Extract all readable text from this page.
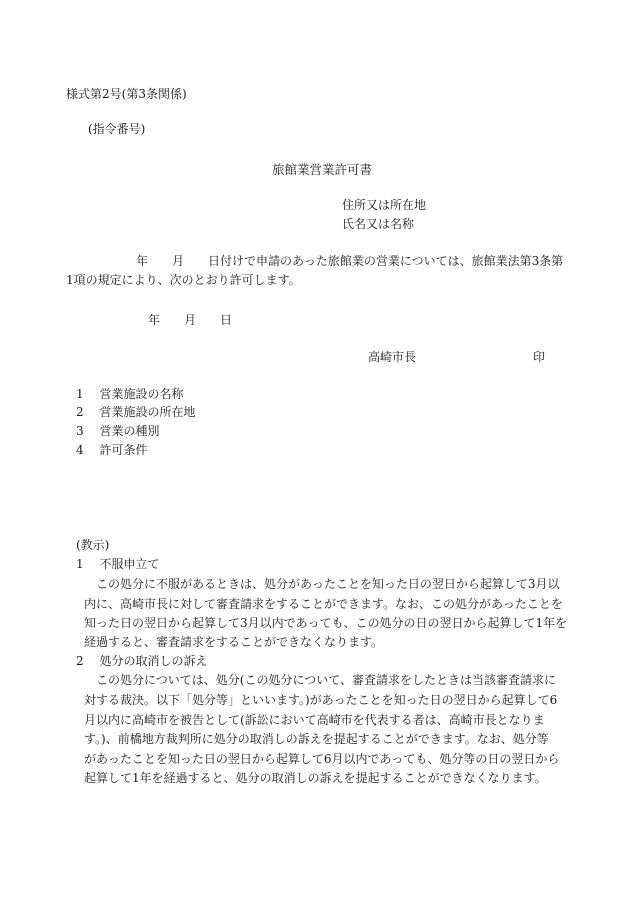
様式第2号(第3条関係)
(指令番号)
旅館業営業許可書
住所又は所在地
氏名又は名称
年 月 日付けで申請のあった旅館業の営業については、旅館業法第3条第
1項の規定により、次のとおり許可します。
年 月 日
高崎市長	印
1 営業施設の名称
2 営業施設の所在地
3 営業の種別
4 許可条件
(教示)
1 不服申立て
この処分に不服があるときは、処分があったことを知った日の翌日から起算して3月以
内に、高崎市長に対して審査請求をすることができます。なお、この処分があったことを
知った日の翌日から起算して3月以内であっても、この処分の日の翌日から起算して1年を
経過すると、審査請求をすることができなくなります。
2 処分の取消しの訴え
この処分については、処分(この処分について、審査請求をしたときは当該審査請求に
対する裁決。以下「処分等」といいます。)があったことを知った日の翌日から起算して6
月以内に高崎市を被告として(訴訟において高崎市を代表する者は、高崎市長となりま
す。)、前橋地方裁判所に処分の取消しの訴えを提起することができます。なお、処分等
があったことを知った日の翌日から起算して6月以内であっても、処分等の日の翌日から
起算して1年を経過すると、処分の取消しの訴えを提起することができなくなります。
